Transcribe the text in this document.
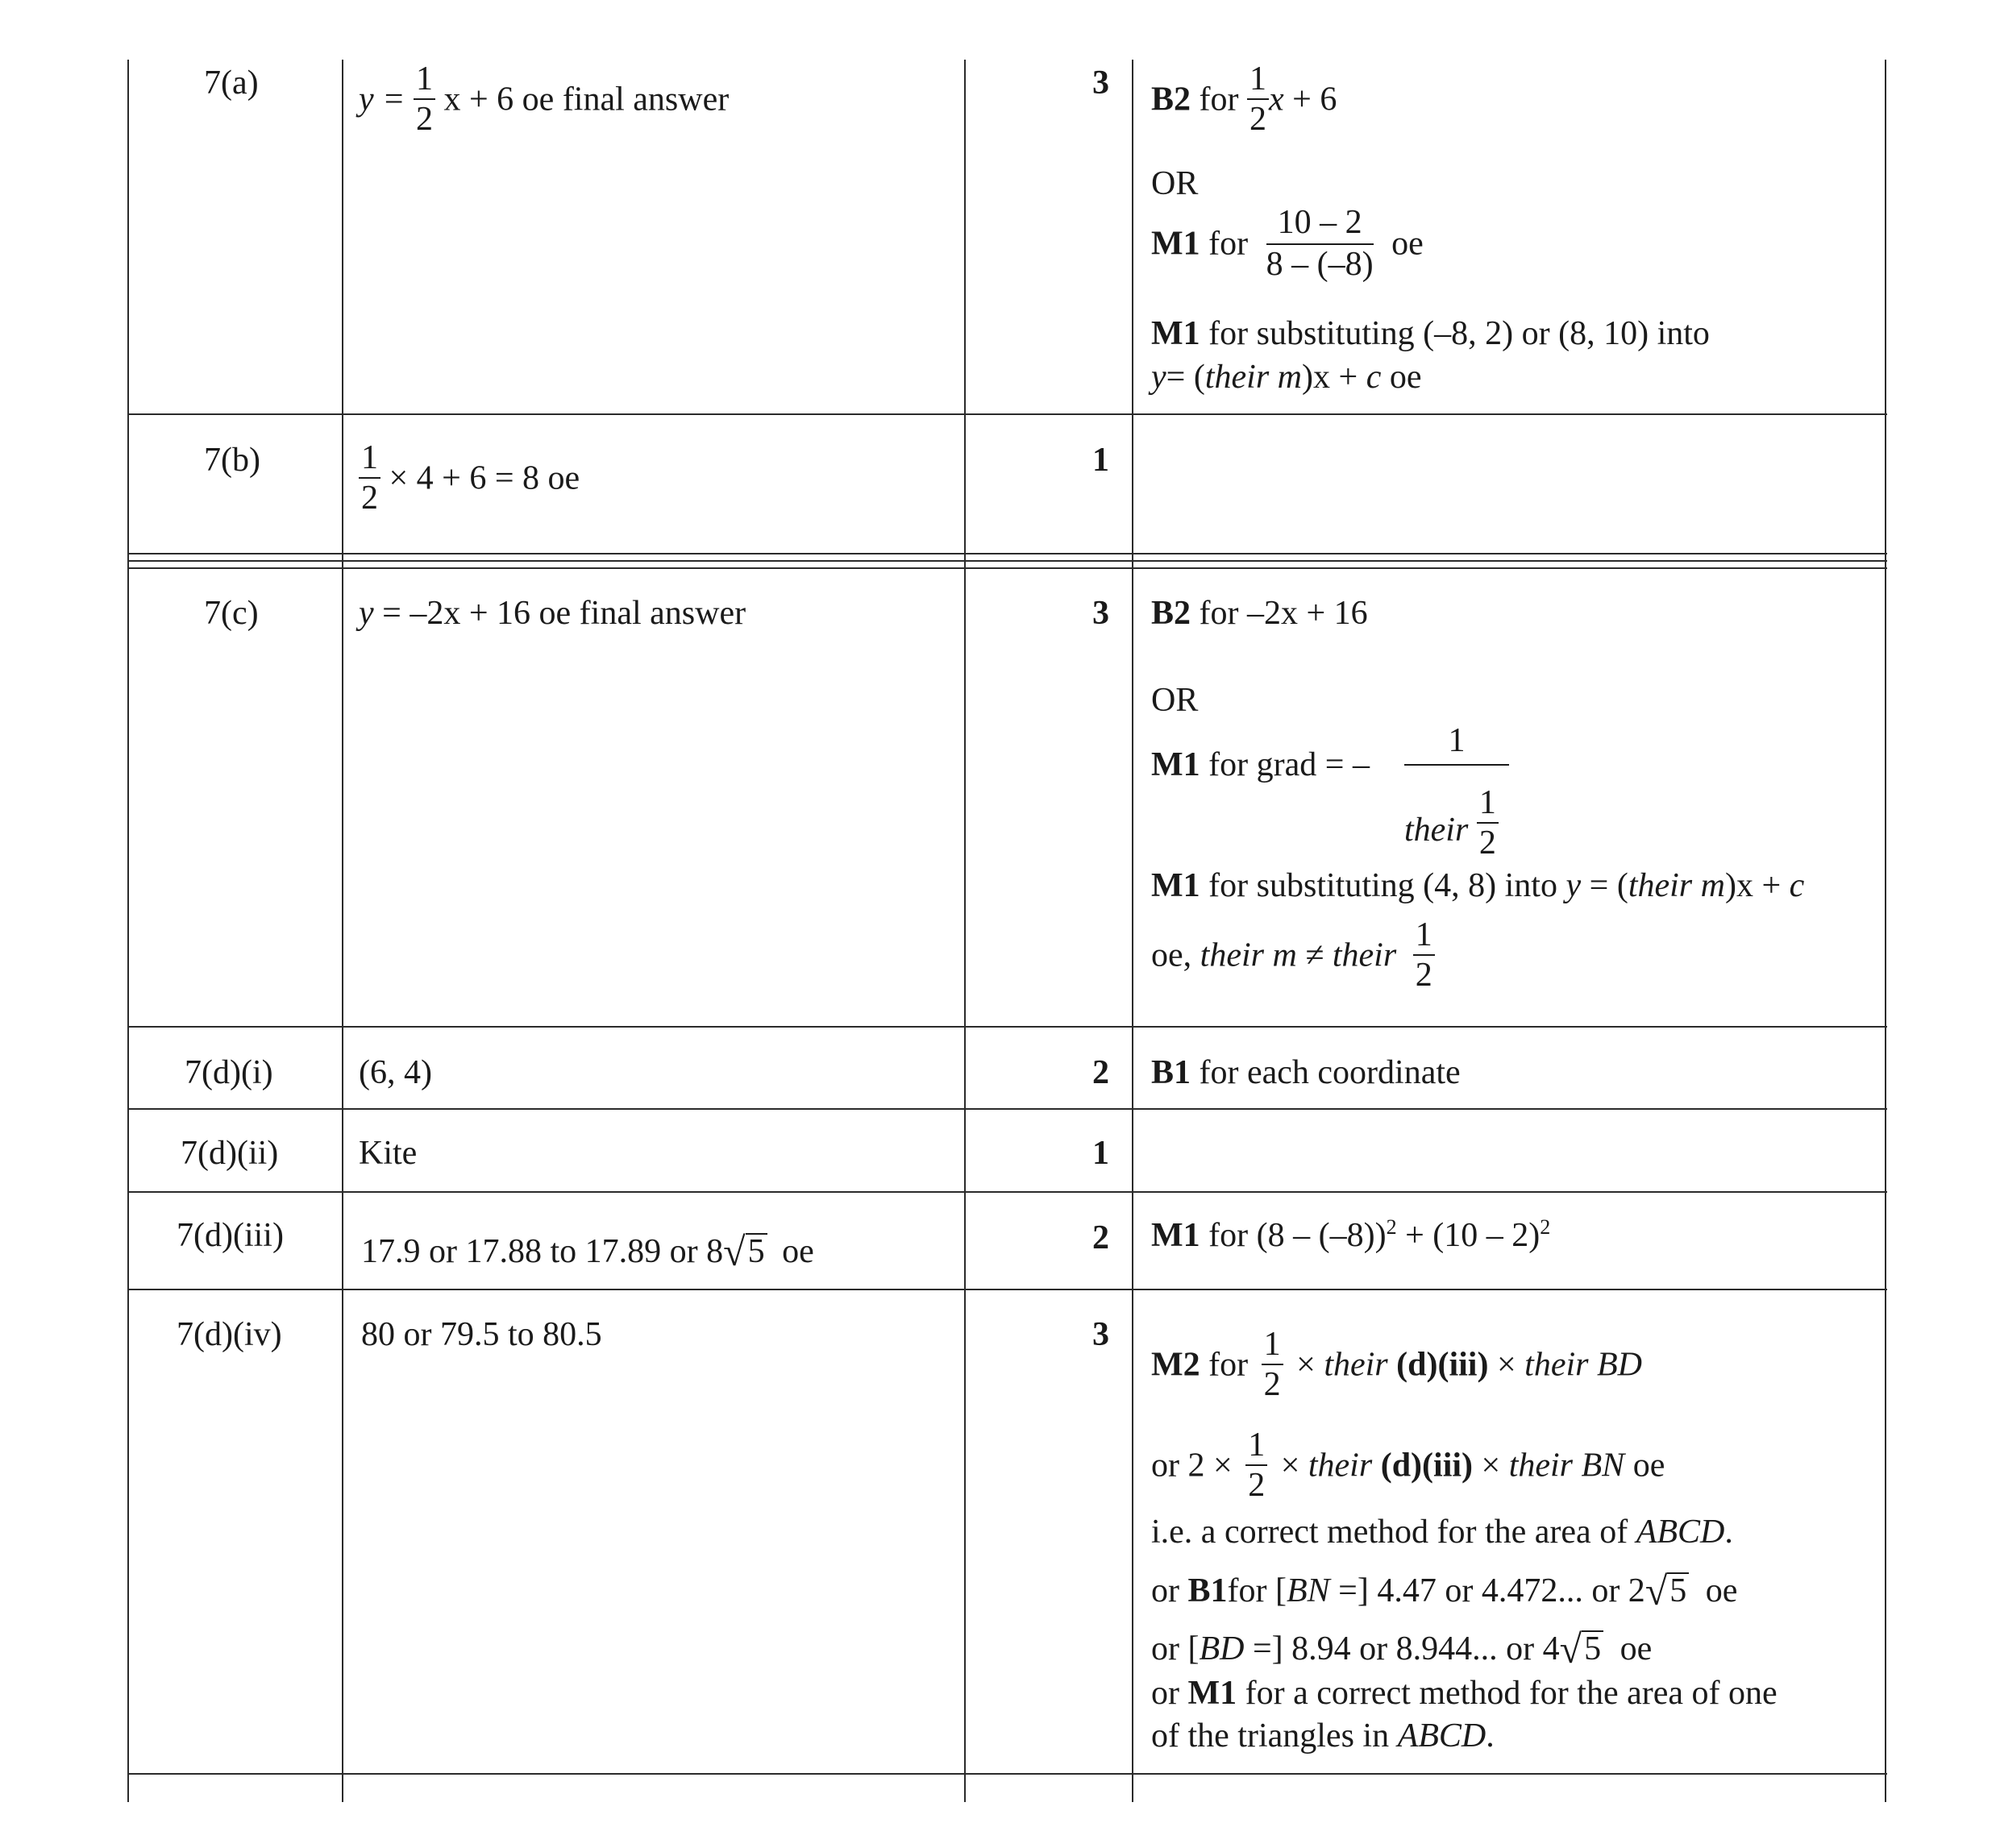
7(a)	$y = \frac{1}{2}$ x + 6 oe final answer	3 B2 for $\frac{1}{2}$ x + 6
OR
M1 for $\frac{10 - 2}{8 - (-8)}$ oe
M1 for substituting (–8, 2) or (8, 10) into
y= (their m)x + c oe
7(b)	$\frac{1}{2} \times 4 + 6 = 8$ oe	1
7(c)	y = –2x + 16 oe final answer	3 B2 for –2x + 16
OR
M1 for grad = –
1
their $\frac{1}{2}$
M1 for substituting (4, 8) into y = (their m)x + c
oe, their m ≠ their $\frac{1}{2}$
7(d)(i)	(6, 4)	2 B1 for each coordinate
7(d)(ii) Kite	1
7(d)(iii) 17.9 or 17.88 to 17.89 or 8√5 oe	2 M1 for (8 – (–8))$^2$ + (10 – 2)$^2$
7(d)(iv) 80 or 79.5 to 80.5	3
M2 for $\frac{1}{2}$ × their (d)(iii) × their BD
or $2 \times \frac{1}{2}$ × their (d)(iii) × their BN oe
i.e. a correct method for the area of ABCD.
or B1for [BN =] 4.47 or 4.472... or 2√5 oe
or [BD =] 8.94 or 8.944... or 4√5 oe
or M1 for a correct method for the area of one
of the triangles in ABCD.
